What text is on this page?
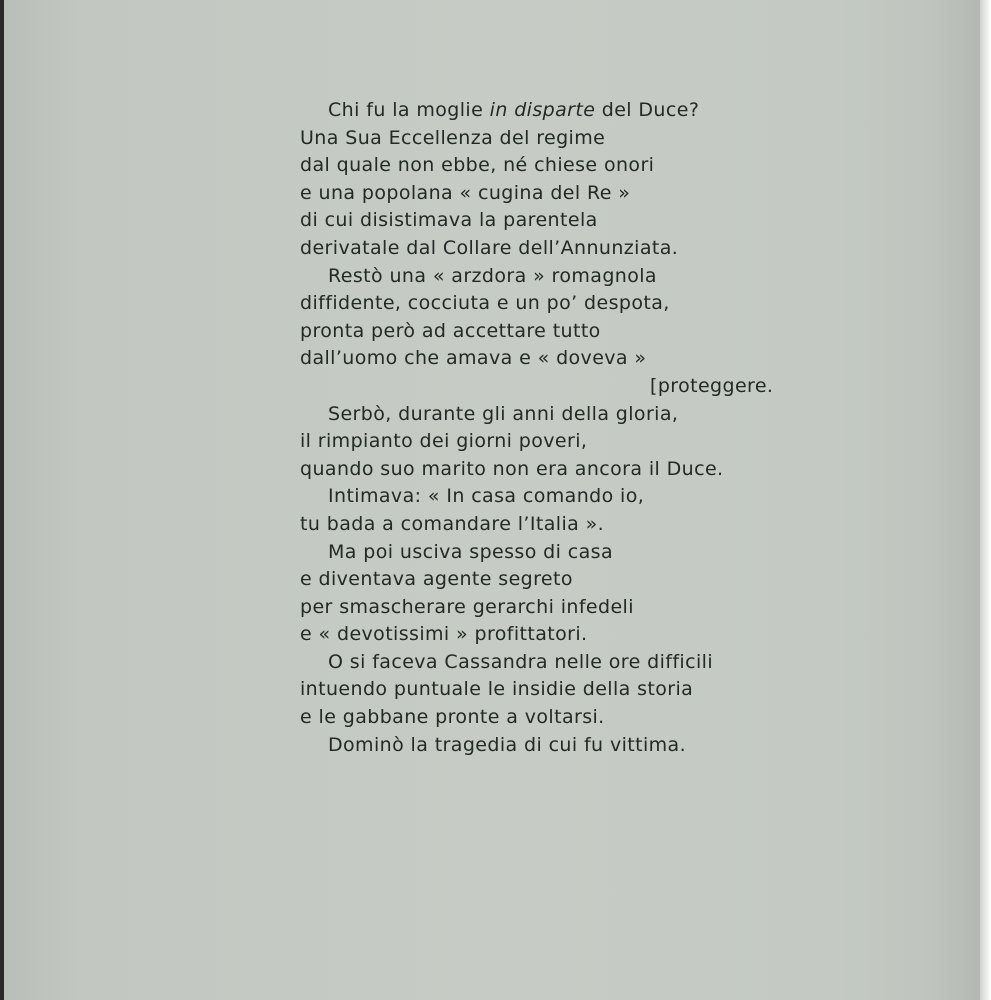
Chi fu la moglie in disparte del Duce?
Una Sua Eccellenza del regime
dal quale non ebbe, né chiese onori
e una popolana « cugina del Re »
di cui disistimava la parentela
derivatale dal Collare dell’Annunziata.
Restò una « arzdora » romagnola
diffidente, cocciuta e un po’ despota,
pronta però ad accettare tutto
dall’uomo che amava e « doveva »
[proteggere.
Serbò, durante gli anni della gloria,
il rimpianto dei giorni poveri,
quando suo marito non era ancora il Duce.
Intimava: « In casa comando io,
tu bada a comandare l’Italia ».
Ma poi usciva spesso di casa
e diventava agente segreto
per smascherare gerarchi infedeli
e « devotissimi » profittatori.
O si faceva Cassandra nelle ore difficili
intuendo puntuale le insidie della storia
e le gabbane pronte a voltarsi.
Dominò la tragedia di cui fu vittima.
